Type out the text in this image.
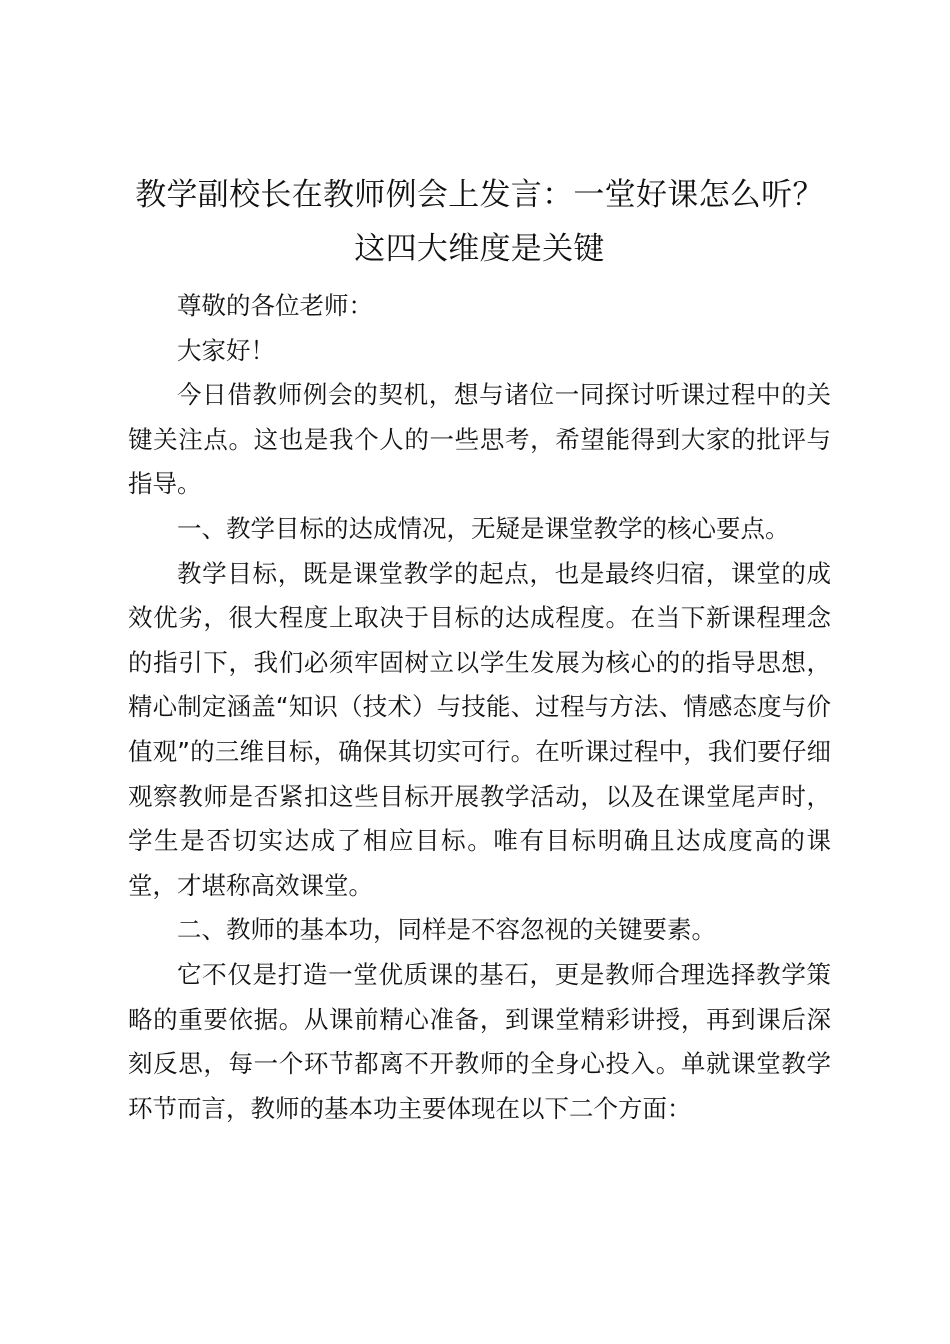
教学副校长在教师例会上发言：一堂好课怎么听？这四大维度是关键

尊敬的各位老师：

大家好！

今日借教师例会的契机，想与诸位一同探讨听课过程中的关键关注点。这也是我个人的一些思考，希望能得到大家的批评与指导。

一、教学目标的达成情况，无疑是课堂教学的核心要点。

教学目标，既是课堂教学的起点，也是最终归宿，课堂的成效优劣，很大程度上取决于目标的达成程度。在当下新课程理念的指引下，我们必须牢固树立以学生发展为核心的的指导思想，精心制定涵盖“知识（技术）与技能、过程与方法、情感态度与价值观”的三维目标，确保其切实可行。在听课过程中，我们要仔细观察教师是否紧扣这些目标开展教学活动，以及在课堂尾声时，学生是否切实达成了相应目标。唯有目标明确且达成度高的课堂，才堪称高效课堂。

二、教师的基本功，同样是不容忽视的关键要素。

它不仅是打造一堂优质课的基石，更是教师合理选择教学策略的重要依据。从课前精心准备，到课堂精彩讲授，再到课后深刻反思，每一个环节都离不开教师的全身心投入。单就课堂教学环节而言，教师的基本功主要体现在以下二个方面：
